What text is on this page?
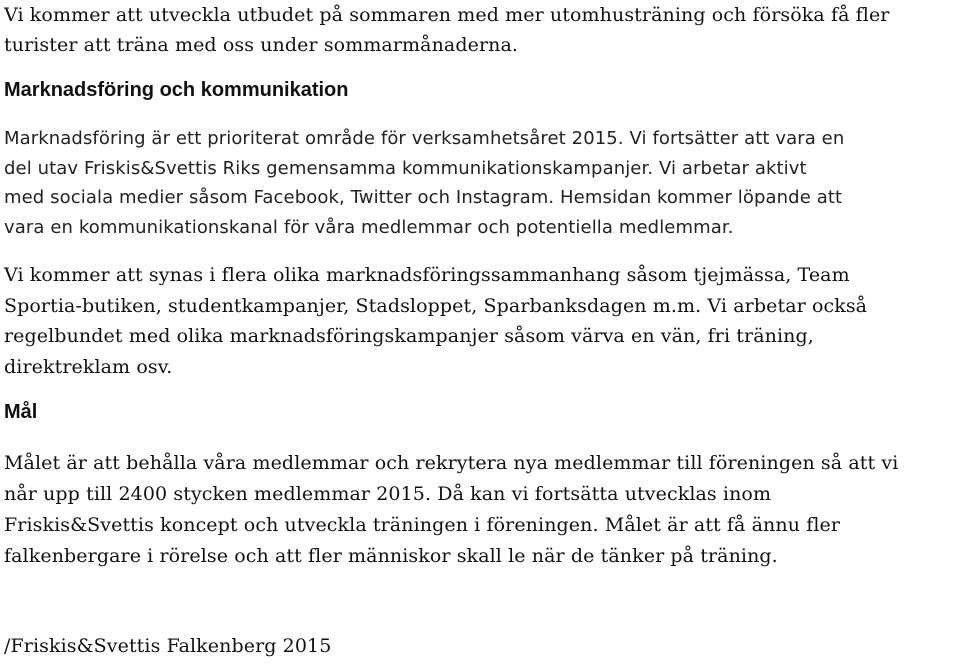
Vi kommer att utveckla utbudet på sommaren med mer utomhusträning och försöka få fler
turister att träna med oss under sommarmånaderna.

Marknadsföring och kommunikation

Marknadsföring är ett prioriterat område för verksamhetsåret 2015. Vi fortsätter att vara en
del utav Friskis&Svettis Riks gemensamma kommunikationskampanjer. Vi arbetar aktivt
med sociala medier såsom Facebook, Twitter och Instagram. Hemsidan kommer löpande att
vara en kommunikationskanal för våra medlemmar och potentiella medlemmar.

Vi kommer att synas i flera olika marknadsföringssammanhang såsom tjejmässa, Team
Sportia-butiken, studentkampanjer, Stadsloppet, Sparbanksdagen m.m. Vi arbetar också
regelbundet med olika marknadsföringskampanjer såsom värva en vän, fri träning,
direktreklam osv.

Mål

Målet är att behålla våra medlemmar och rekrytera nya medlemmar till föreningen så att vi
når upp till 2400 stycken medlemmar 2015. Då kan vi fortsätta utvecklas inom
Friskis&Svettis koncept och utveckla träningen i föreningen. Målet är att få ännu fler
falkenbergare i rörelse och att fler människor skall le när de tänker på träning.

/Friskis&Svettis Falkenberg 2015
